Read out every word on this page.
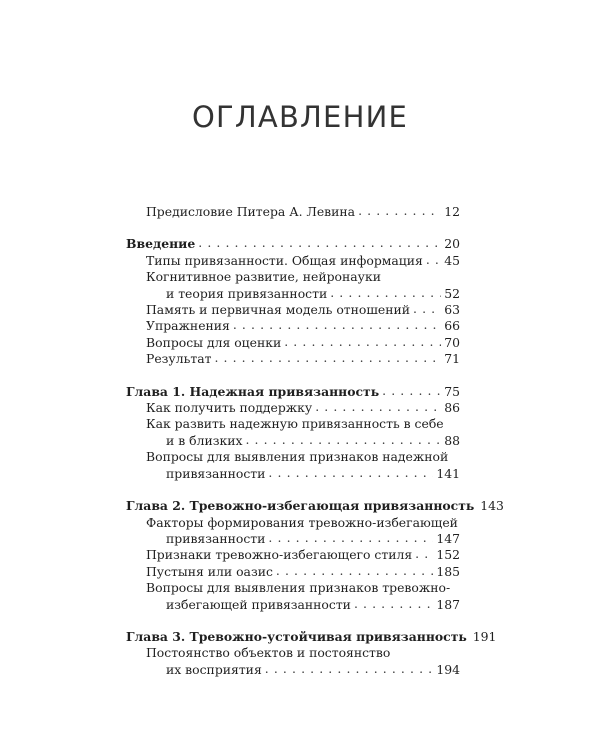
ОГЛАВЛЕНИЕ
Предисловие Питера А. Левина . . .	12
Введение . . .	20
Типы привязанности. Общая информация . . . 45
Когнитивное развитие, нейронауки
и теория привязанности . . .	52
Память и первичная модель отношений . . .	63
Упражнения . . .	66
Вопросы для оценки . . .	70
Результат . . .	71
Глава 1. Надежная привязанность . . .	75
Как получить поддержку . . .	86
Как развить надежную привязанность в себе
и в близких . . .	88
Вопросы для выявления признаков надежной
привязанности . . .	141
Глава 2. Тревожно-избегающая привязанность 143
Факторы формирования тревожно-избегающей
привязанности . . .	147
Признаки тревожно-избегающего стиля . . . 152
Пустыня или оазис . . .	185
Вопросы для выявления признаков тревожно-
избегающей привязанности . . .	187
Глава 3. Тревожно-устойчивая привязанность 191
Постоянство объектов и постоянство
их восприятия . . .	194
